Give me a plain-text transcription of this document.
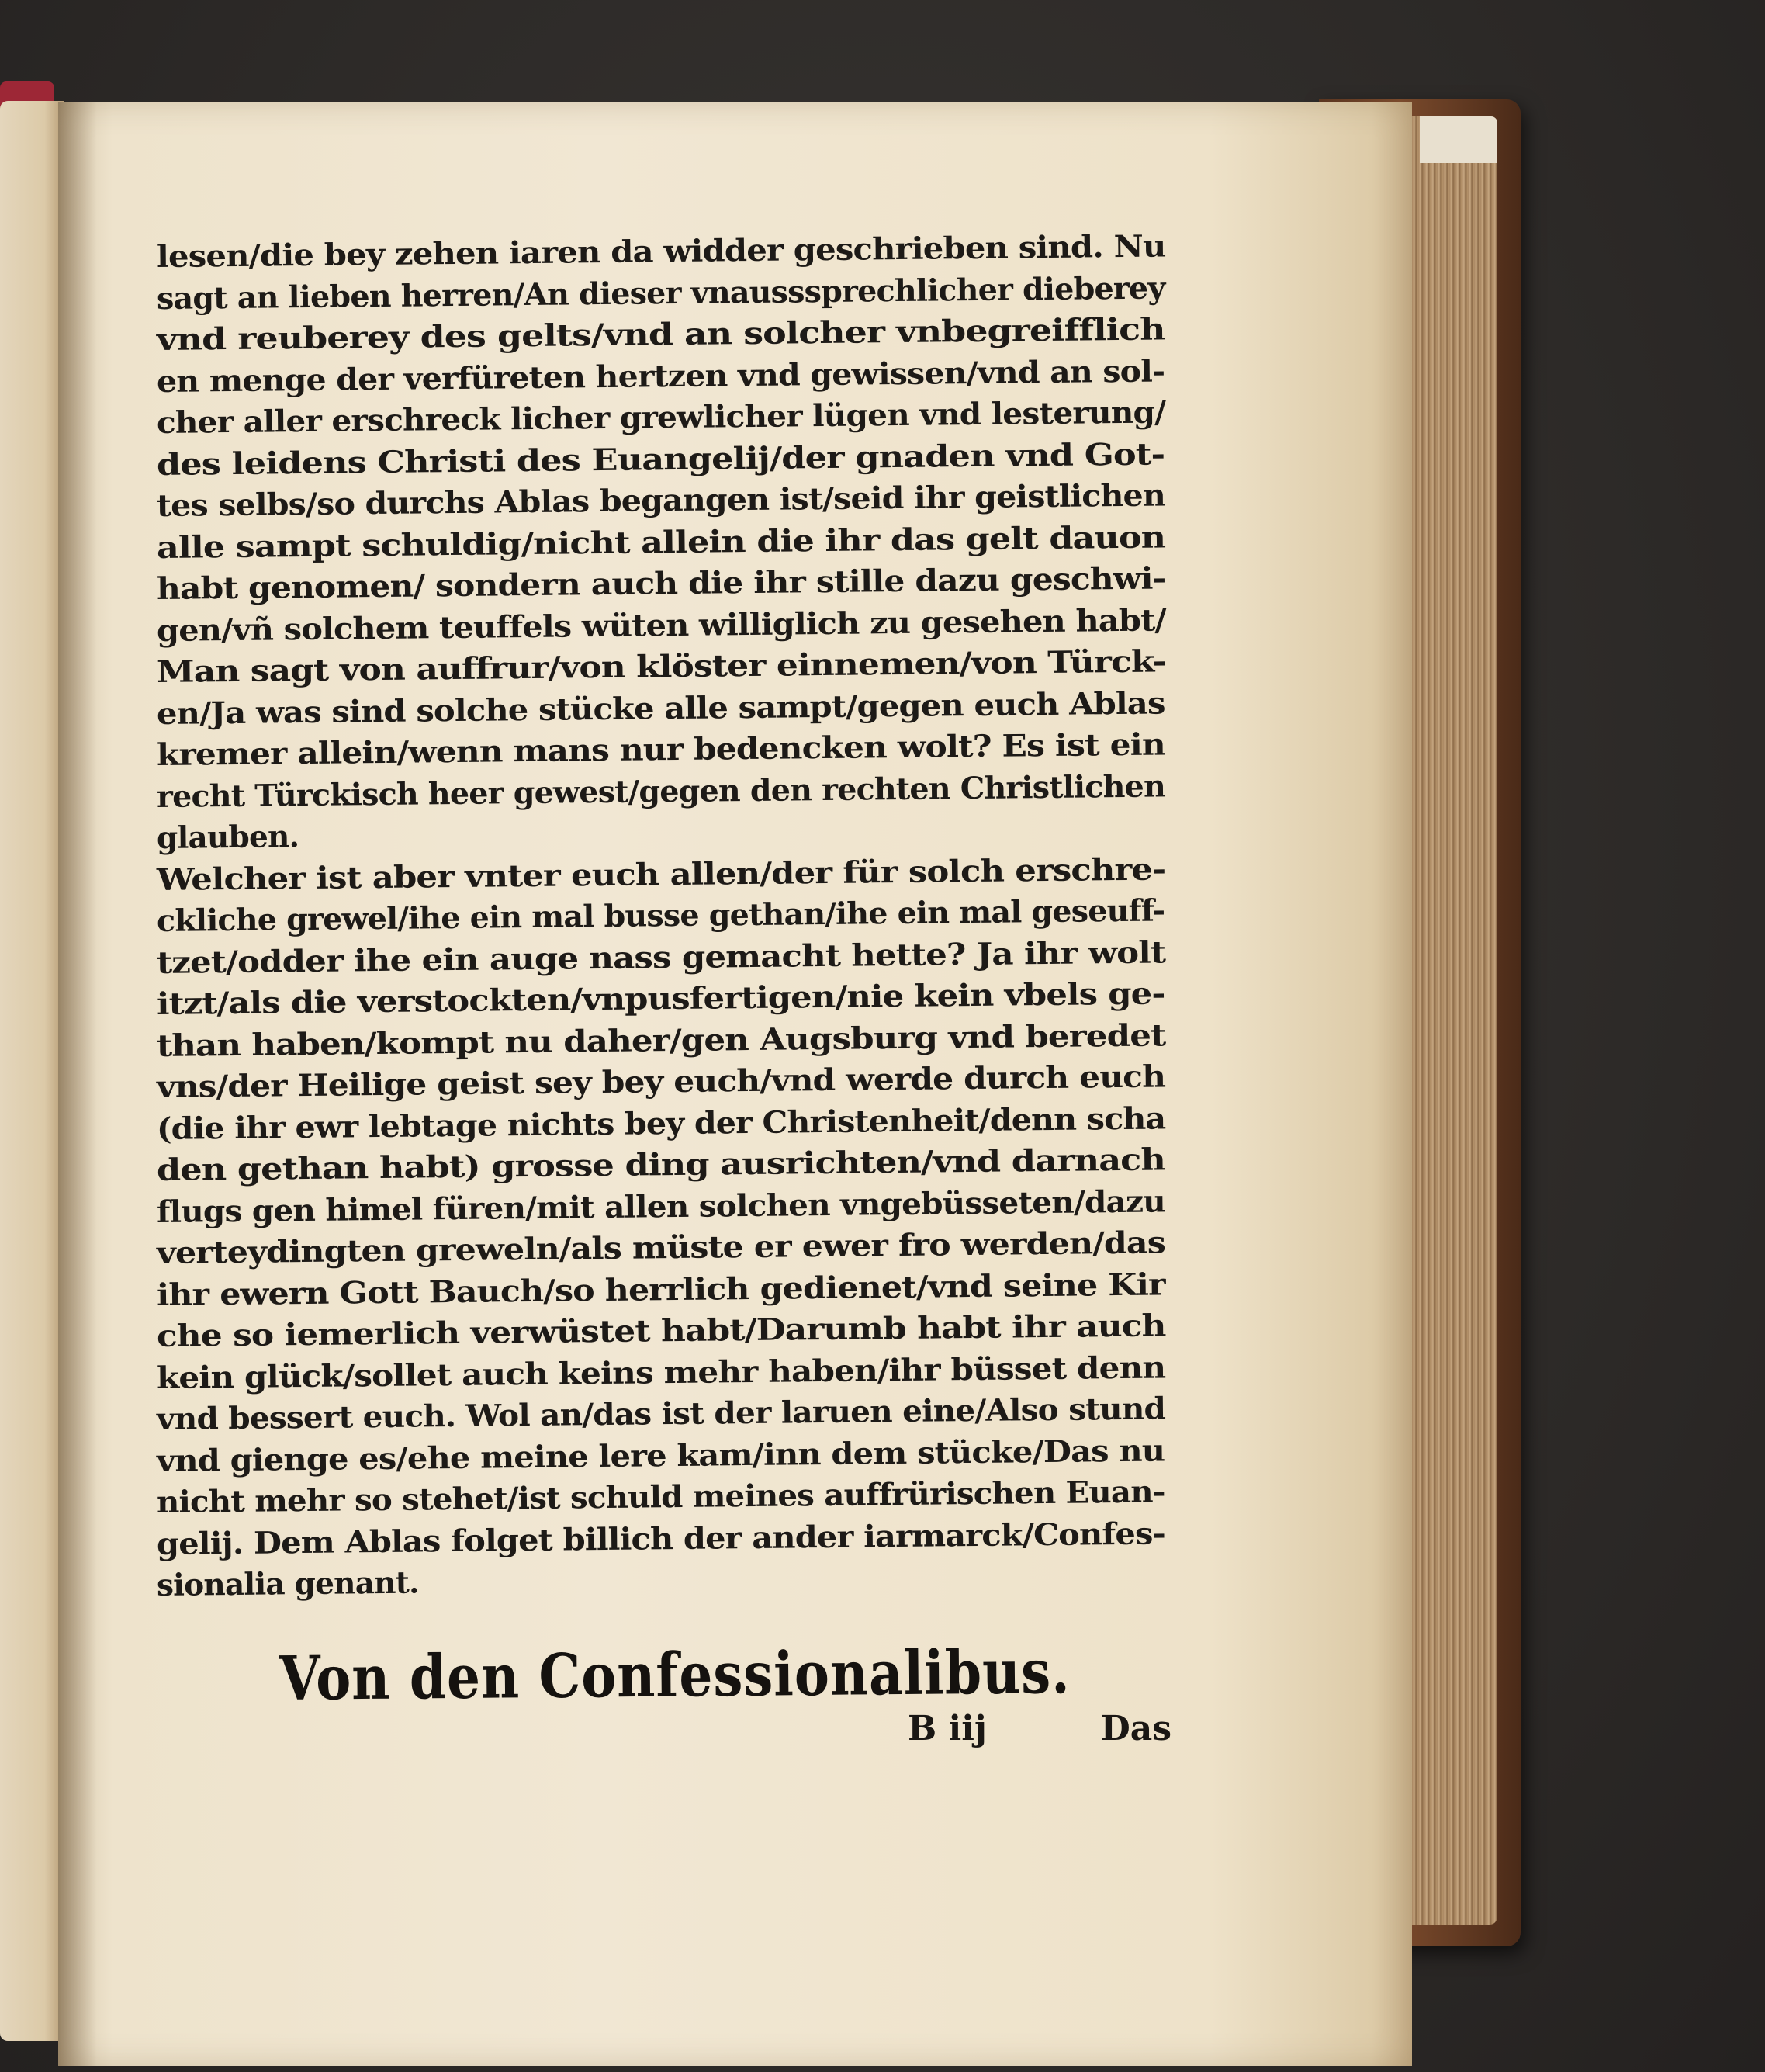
lesen/die bey zehen iaren da widder geschrieben sind. Nu
sagt an lieben herren/An dieser vnausssprechlicher dieberey
vnd reuberey des gelts/vnd an solcher vnbegreifflich
en menge der verfüreten hertzen vnd gewissen/vnd an sol-
cher aller erschreck licher grewlicher lügen vnd lesterung/
des leidens Christi des Euangelij/der gnaden vnd Got-
tes selbs/so durchs Ablas begangen ist/seid ihr geistlichen
alle sampt schuldig/nicht allein die ihr das gelt dauon
habt genomen/ sondern auch die ihr stille dazu geschwi-
gen/vñ solchem teuffels wüten williglich zu gesehen habt/
Man sagt von auffrur/von klöster einnemen/von Türck-
en/Ja was sind solche stücke alle sampt/gegen euch Ablas
kremer allein/wenn mans nur bedencken wolt? Es ist ein
recht Türckisch heer gewest/gegen den rechten Christlichen
glauben.
Welcher ist aber vnter euch allen/der für solch erschre-
ckliche grewel/ihe ein mal busse gethan/ihe ein mal geseuff-
tzet/odder ihe ein auge nass gemacht hette? Ja ihr wolt
itzt/als die verstockten/vnpusfertigen/nie kein vbels ge-
than haben/kompt nu daher/gen Augsburg vnd beredet
vns/der Heilige geist sey bey euch/vnd werde durch euch
(die ihr ewr lebtage nichts bey der Christenheit/denn scha
den gethan habt) grosse ding ausrichten/vnd darnach
flugs gen himel füren/mit allen solchen vngebüsseten/dazu
verteydingten greweln/als müste er ewer fro werden/das
ihr ewern Gott Bauch/so herrlich gedienet/vnd seine Kir
che so iemerlich verwüstet habt/Darumb habt ihr auch
kein glück/sollet auch keins mehr haben/ihr büsset denn
vnd bessert euch. Wol an/das ist der laruen eine/Also stund
vnd gienge es/ehe meine lere kam/inn dem stücke/Das nu
nicht mehr so stehet/ist schuld meines auffrürischen Euan-
gelij. Dem Ablas folget billich der ander iarmarck/Confes-
sionalia genant.
Von den Confessionalibus.
B iij	Das
